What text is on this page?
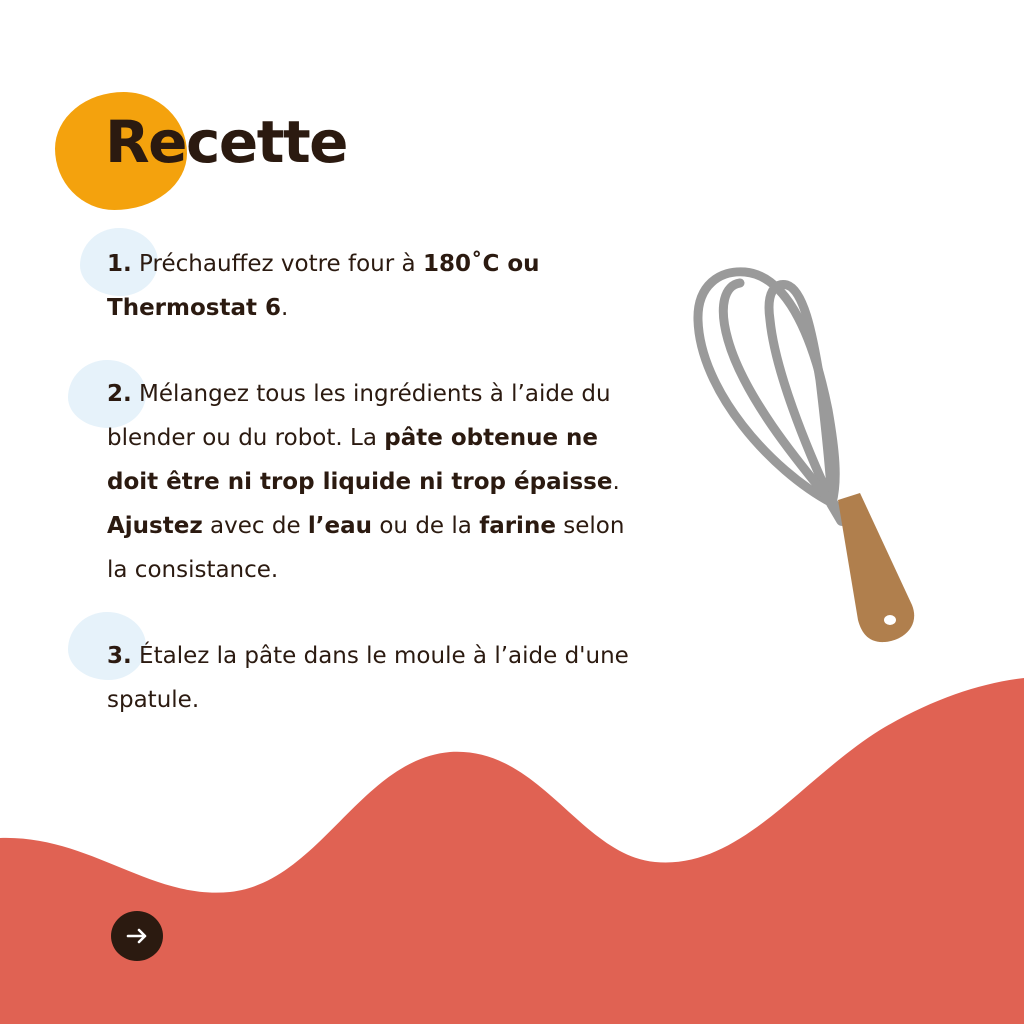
Recette

1. Préchauffez votre four à 180˚C ou Thermostat 6.

2. Mélangez tous les ingrédients à l’aide du blender ou du robot. La pâte obtenue ne doit être ni trop liquide ni trop épaisse. Ajustez avec de l’eau ou de la farine selon la consistance.

3. Étalez la pâte dans le moule à l’aide d'une spatule.
